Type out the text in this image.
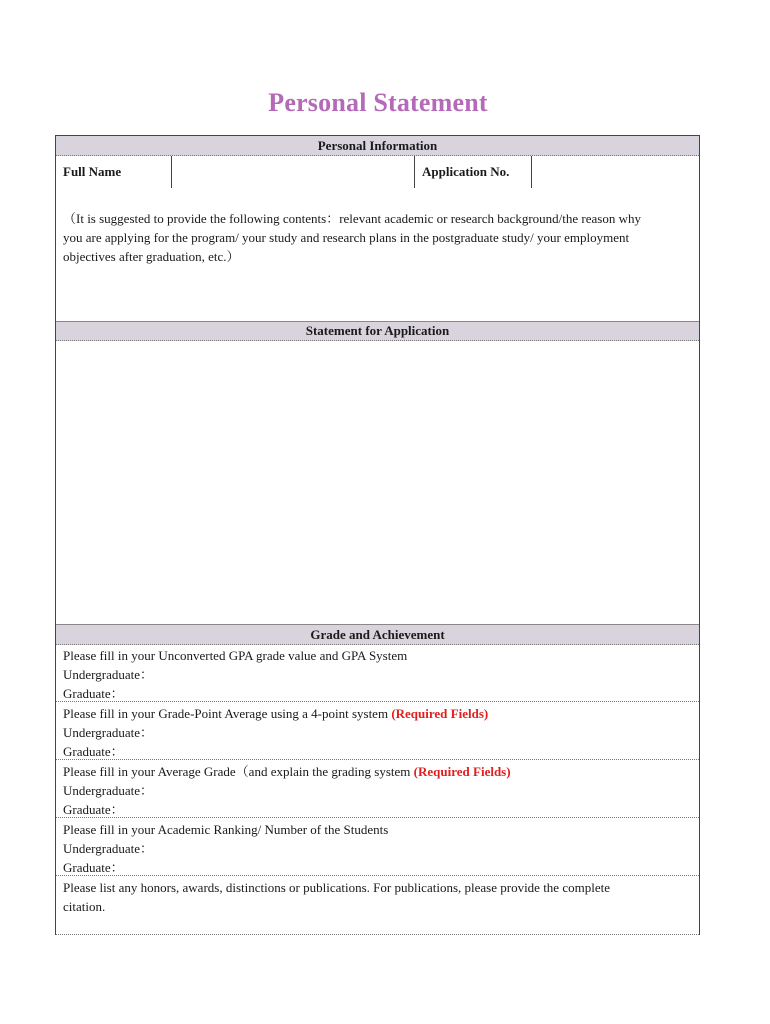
Personal Statement
Personal Information
Full Name	Application No.
Statement for Application
（It is suggested to provide the following contents：relevant academic or research background/the reason why
you are applying for the program/ your study and research plans in the postgraduate study/ your employment
objectives after graduation, etc.）
Grade and Achievement
Please fill in your Unconverted GPA grade value and GPA System
Undergraduate：
Graduate：
Please fill in your Grade-Point Average using a 4-point system (Required Fields)
Undergraduate：
Graduate：
Please fill in your Average Grade（and explain the grading system (Required Fields)
Undergraduate：
Graduate：
Please fill in your Academic Ranking/ Number of the Students
Undergraduate：
Graduate：
Please list any honors, awards, distinctions or publications. For publications, please provide the complete
citation.
